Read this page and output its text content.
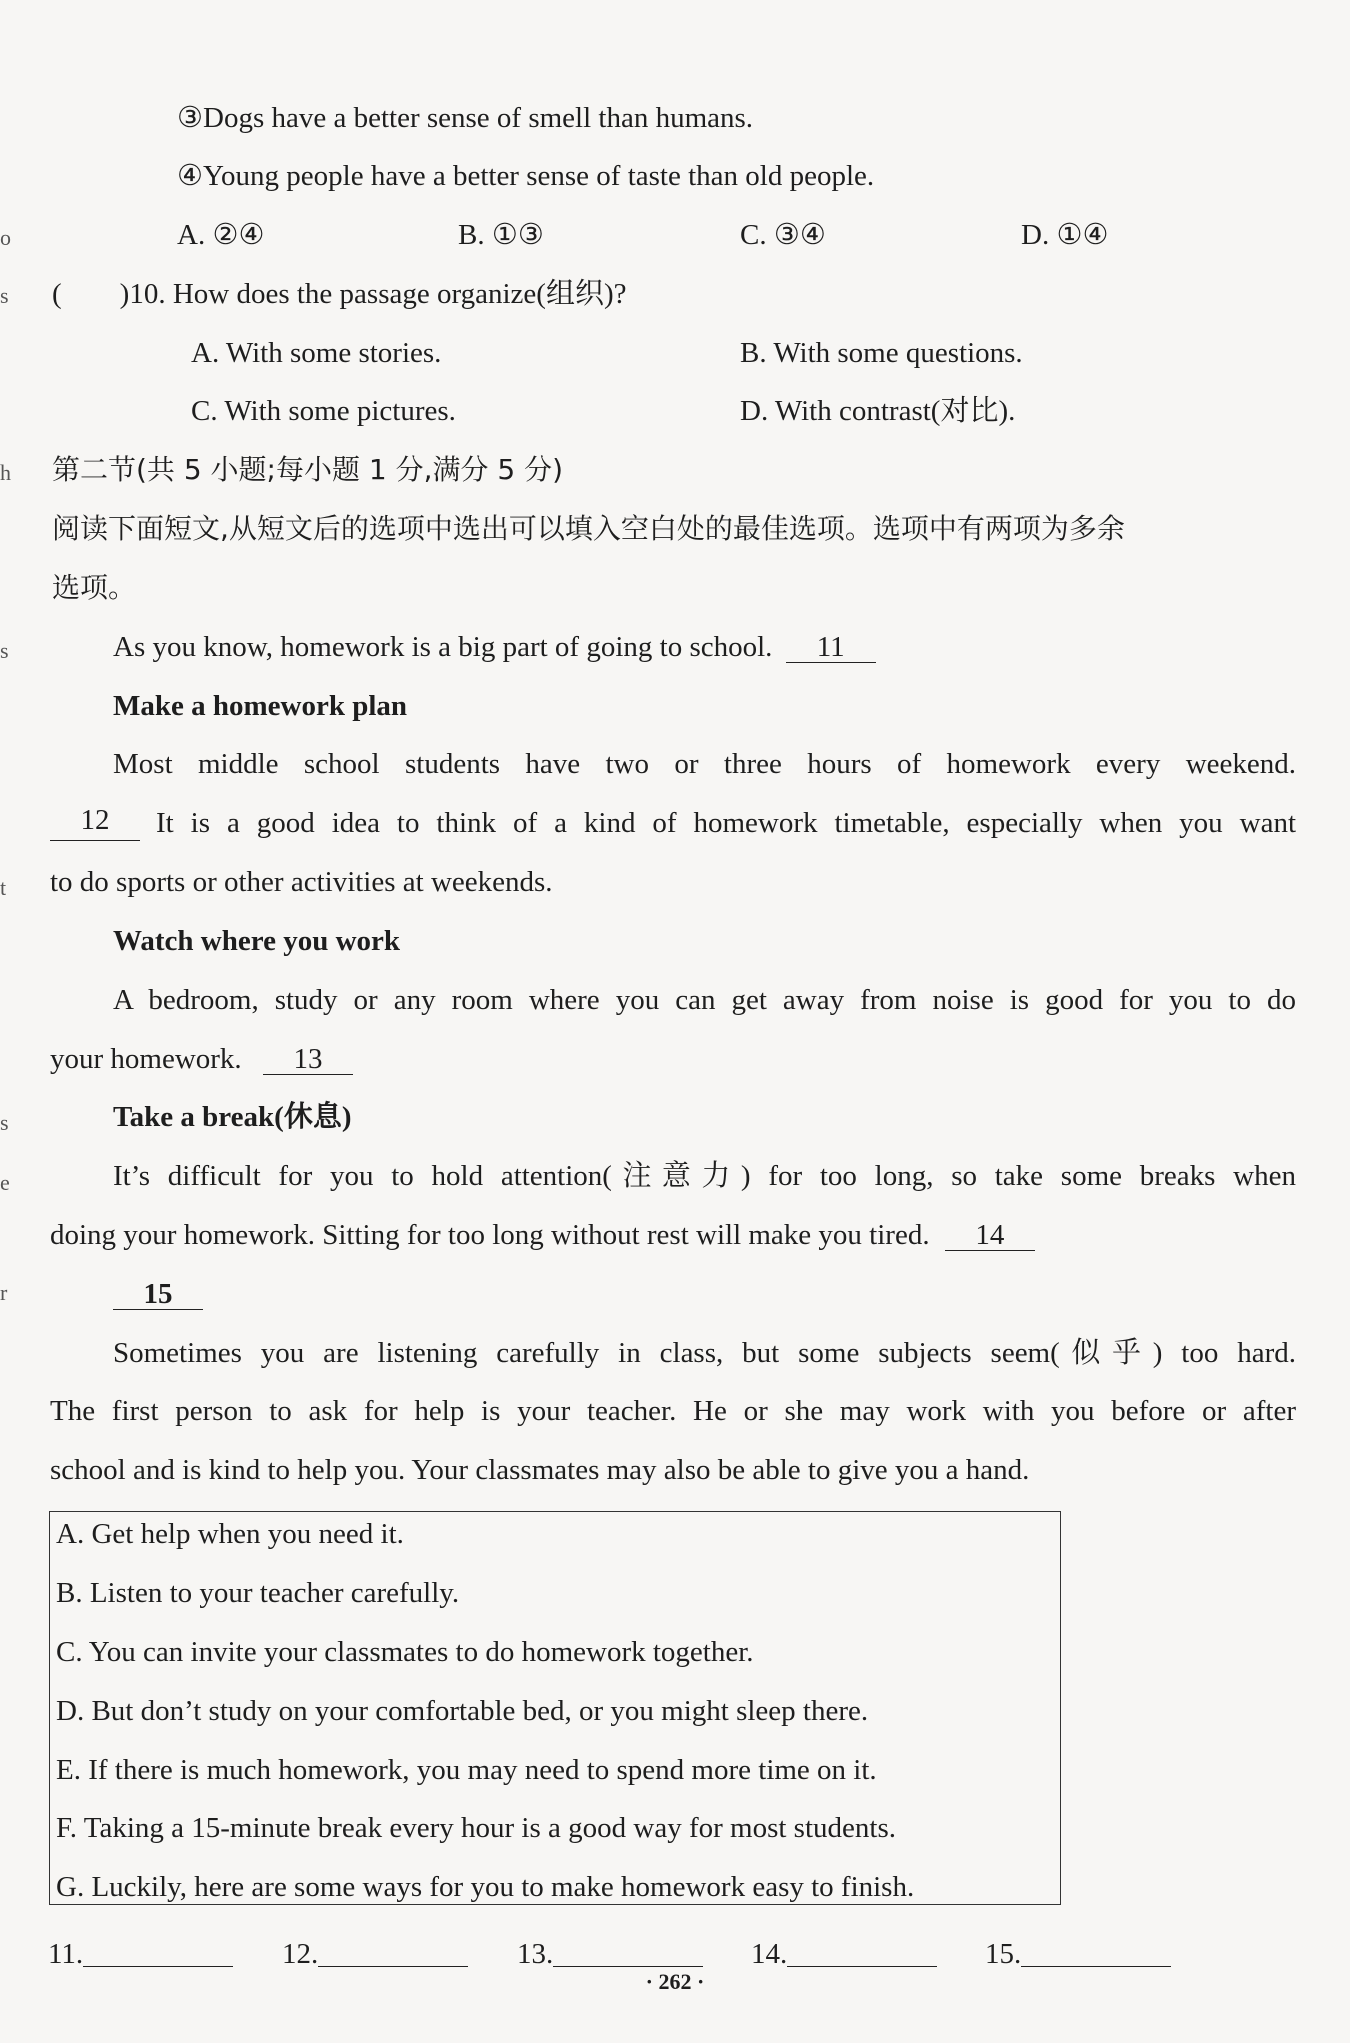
o
s
h
s
t
s
e
r
③Dogs have a better sense of smell than humans.
④Young people have a better sense of taste than old people.
A. ②④	B. ①③	C. ③④	D. ①④
(        )10. How does the passage organize(组织)?
A. With some stories.	B. With some questions.
C. With some pictures.	D. With contrast(对比).
第二节(共 5 小题;每小题 1 分,满分 5 分)
阅读下面短文,从短文后的选项中选出可以填入空白处的最佳选项。选项中有两项为多余
选项。
As you know, homework is a big part of going to school. 11
Make a homework plan
Most middle school students have two or three hours of homework every weekend.
12	It is a good idea to think of a kind of homework timetable, especially when you want
to do sports or other activities at weekends.
Watch where you work
A bedroom, study or any room where you can get away from noise is good for you to do
your homework. 13
Take a break(休息)
It’s difficult for you to hold attention(注意力) for too long, so take some breaks when
doing your homework. Sitting for too long without rest will make you tired. 14
15
Sometimes you are listening carefully in class, but some subjects seem(似乎) too hard.
The first person to ask for help is your teacher. He or she may work with you before or after
school and is kind to help you. Your classmates may also be able to give you a hand.
A. Get help when you need it.
B. Listen to your teacher carefully.
C. You can invite your classmates to do homework together.
D. But don’t study on your comfortable bed, or you might sleep there.
E. If there is much homework, you may need to spend more time on it.
F. Taking a 15-minute break every hour is a good way for most students.
G. Luckily, here are some ways for you to make homework easy to finish.
11.	12.	13.	14.	15.
· 262 ·
